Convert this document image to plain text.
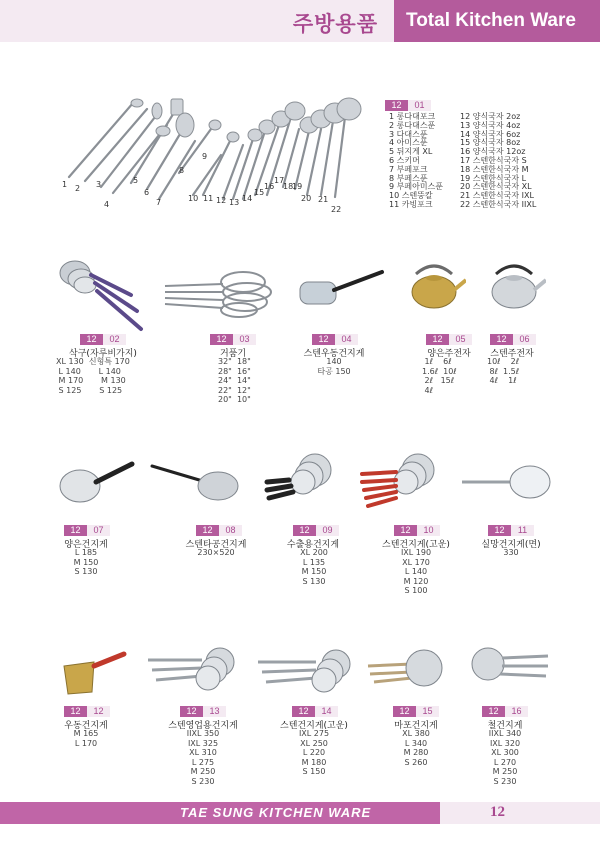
주방용품 Total Kitchen Ware
1 2 3
4
5
6
7
8
9
10 11 12 13 14
15
16
17
18
19
20 21
22
12	01
1 롱다대포크
2 롱다대스푼
3 다대스푼
4 아미스푼
5 뒤지게 XL
6 스키머
7 부페포크
8 부페스푼
9 부페아미스푼
10 스텐뚱칼
11 카빙포크
12 양식국자 2oz
13 양식국자 4oz
14 양식국자 6oz
15 양식국자 8oz
16 양식국자 12oz
17 스텐한식국자 S
18 스텐한식국자 M
19 스텐한식국자 L
20 스텐한식국자 XL
21 스텐한식국자 IXL
22 스텐한식국자 IIXL
12	02
삭구(자루비가지)
XL 130  신형특 170
L 140       L 140
M 170       M 130
S 125       S 125
12	03
거품기
32"  18"
28"  16"
24"  14"
22"  12"
20"  10"
12	04
스텐우동건지게
140
타공 150
12	05
양은주전자
1ℓ    6ℓ
1.6ℓ  10ℓ
2ℓ   15ℓ
4ℓ
12	06
스텐주전자
10ℓ    2ℓ
8ℓ  1.5ℓ
4ℓ    1ℓ
12	07
양은건지게
L 185
M 150
S 130
12	08
스텐타공건지게
230×520
12	09
수출용건지게
XL 200
L 135
M 150
S 130
12	10
스텐건지게(고운)
IXL 190
XL 170
L 140
M 120
S 100
12	11
실망건지게(면)
330
12	12
우동건지게
M 165
L 170
12	13
스텐영업용건지게
IIXL 350
IXL 325
XL 310
L 275
M 250
S 230
12	14
스텐건지게(고운)
IXL 275
XL 250
L 220
M 180
S 150
12	15
마포건지게
XL 380
L 340
M 280
S 260
12	16
철건지게
IIXL 340
IXL 320
XL 300
L 270
M 250
S 230
TAE SUNG KITCHEN WARE	12
